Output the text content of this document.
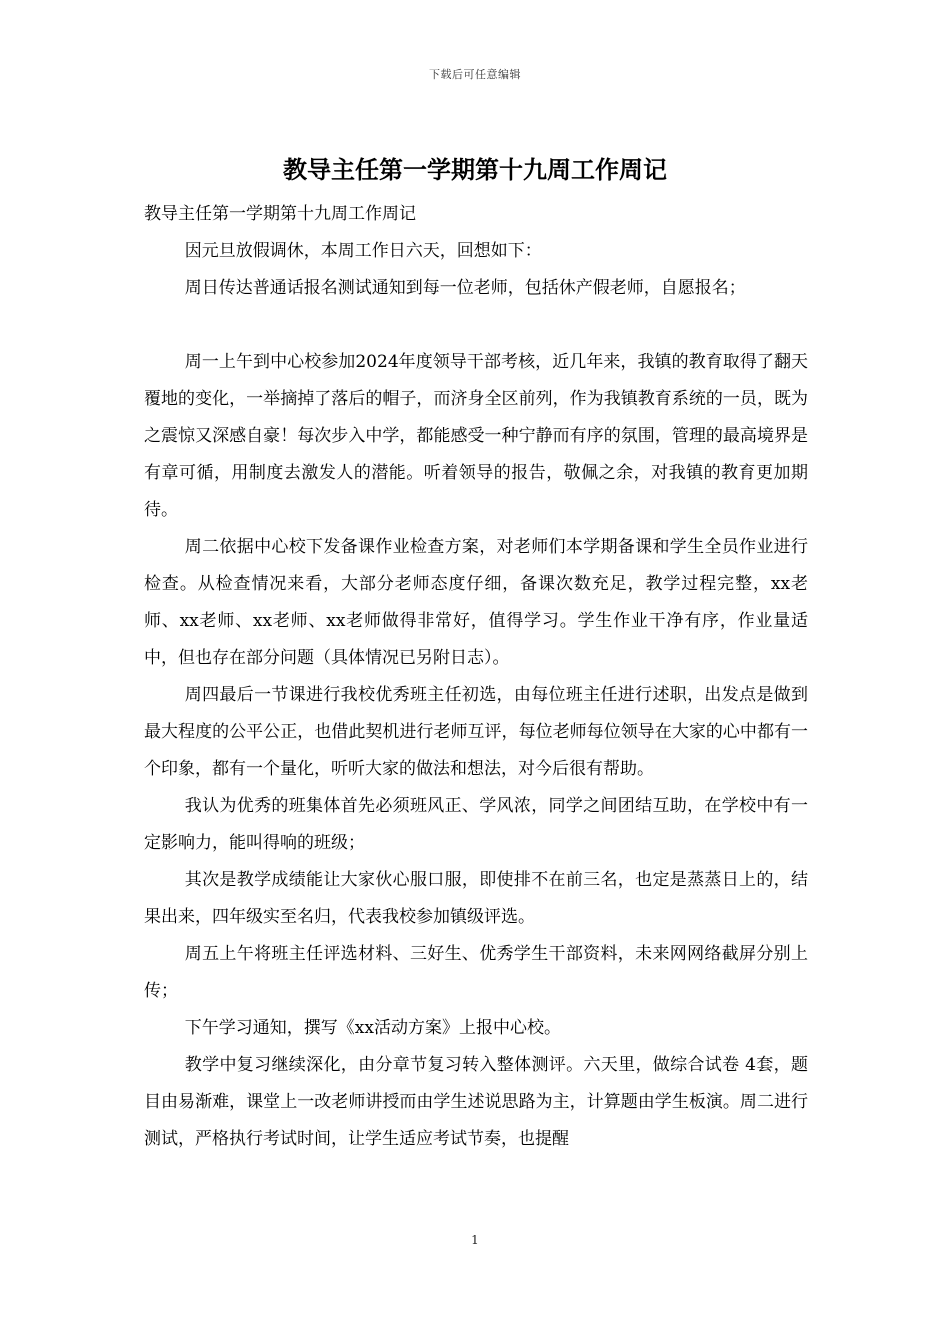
下载后可任意编辑
教导主任第一学期第十九周工作周记

教导主任第一学期第十九周工作周记

因元旦放假调休，本周工作日六天，回想如下：

周日传达普通话报名测试通知到每一位老师，包括休产假老师，自愿报名；

周一上午到中心校参加2024年度领导干部考核，近几年来，我镇的教育取得了翻天覆地的变化，一举摘掉了落后的帽子，而济身全区前列，作为我镇教育系统的一员，既为之震惊又深感自豪！每次步入中学，都能感受一种宁静而有序的氛围，管理的最高境界是有章可循，用制度去激发人的潜能。听着领导的报告，敬佩之余，对我镇的教育更加期待。

周二依据中心校下发备课作业检查方案，对老师们本学期备课和学生全员作业进行检查。从检查情况来看，大部分老师态度仔细，备课次数充足，教学过程完整，xx老师、xx老师、xx老师、xx老师做得非常好，值得学习。学生作业干净有序，作业量适中，但也存在部分问题（具体情况已另附日志）。

周四最后一节课进行我校优秀班主任初选，由每位班主任进行述职，出发点是做到最大程度的公平公正，也借此契机进行老师互评，每位老师每位领导在大家的心中都有一个印象，都有一个量化，听听大家的做法和想法，对今后很有帮助。

我认为优秀的班集体首先必须班风正、学风浓，同学之间团结互助，在学校中有一定影响力，能叫得响的班级；

其次是教学成绩能让大家伙心服口服，即使排不在前三名，也定是蒸蒸日上的，结果出来，四年级实至名归，代表我校参加镇级评选。

周五上午将班主任评选材料、三好生、优秀学生干部资料，未来网网络截屏分别上传；

下午学习通知，撰写《xx活动方案》上报中心校。

教学中复习继续深化，由分章节复习转入整体测评。六天里，做综合试卷 4套，题目由易渐难，课堂上一改老师讲授而由学生述说思路为主，计算题由学生板演。周二进行测试，严格执行考试时间，让学生适应考试节奏，也提醒

1
